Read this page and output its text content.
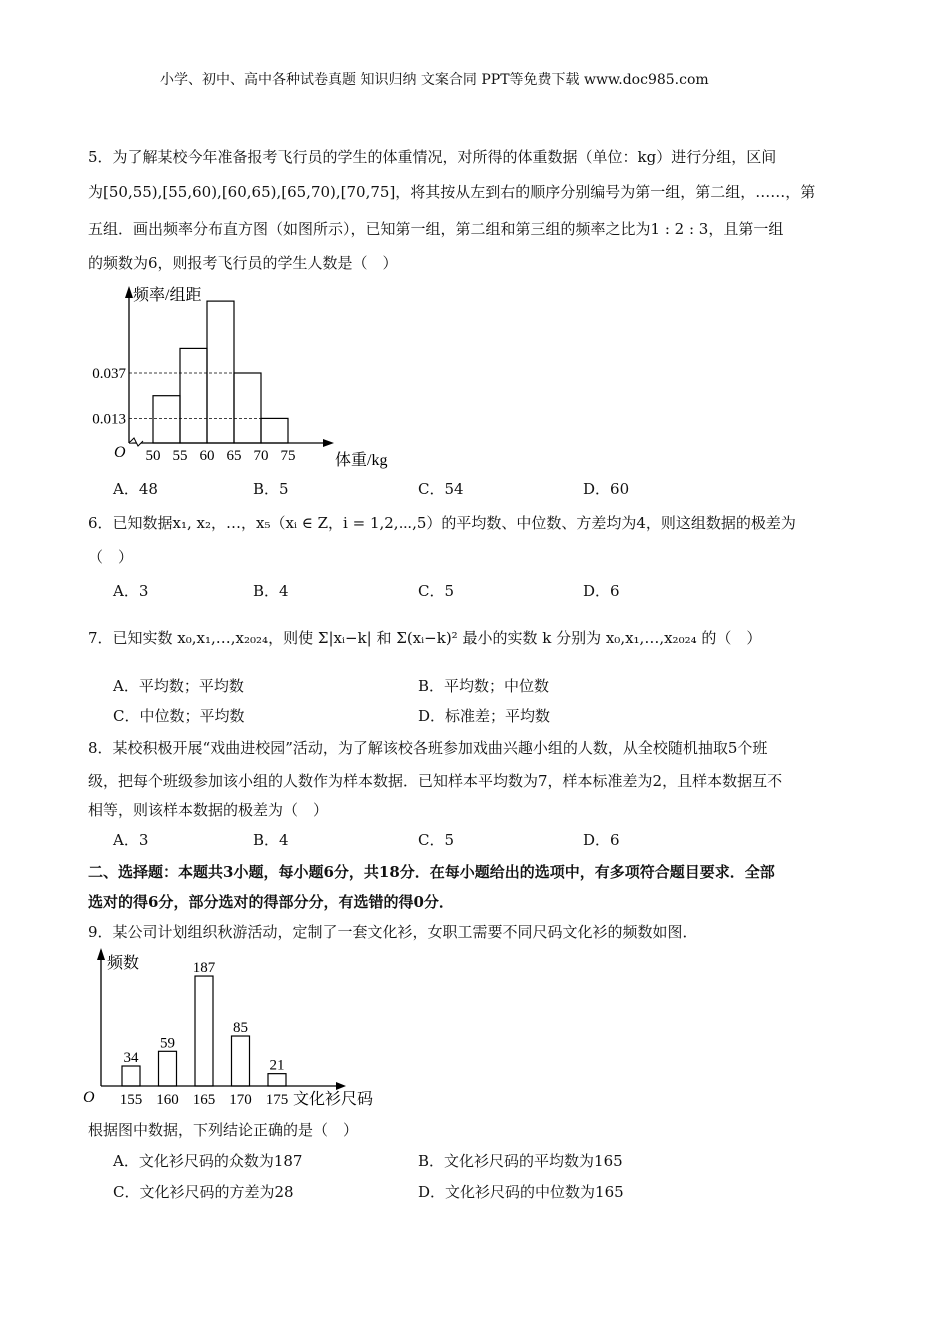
小学、初中、高中各种试卷真题 知识归纳 文案合同 PPT等免费下载 www.doc985.com
5．为了解某校今年准备报考飞行员的学生的体重情况，对所得的体重数据（单位：kg）进行分组，区间
为[50,55),[55,60),[60,65),[65,70),[70,75]，将其按从左到右的顺序分别编号为第一组，第二组，……，第
五组．画出频率分布直方图（如图所示），已知第一组，第二组和第三组的频率之比为1 : 2 : 3，且第一组
的频数为6，则报考飞行员的学生人数是（　）
频率/组距
体重/kg
O
0.037
0.013
50 55 60 65 70 75
A．48	B．5	C．54	D．60
6．已知数据x₁, x₂，…，x₅（xᵢ ∈ Z，i = 1,2,⋯,5）的平均数、中位数、方差均为4，则这组数据的极差为
（　）
A．3	B．4	C．5	D．6
7．已知实数 x₀,x₁,…,x₂₀₂₄，则使 Σ|xᵢ−k| 和 Σ(xᵢ−k)² 最小的实数 k 分别为 x₀,x₁,…,x₂₀₂₄ 的（　）
A．平均数；平均数	B．平均数；中位数
C．中位数；平均数	D．标准差；平均数
8．某校积极开展“戏曲进校园”活动，为了解该校各班参加戏曲兴趣小组的人数，从全校随机抽取5个班
级，把每个班级参加该小组的人数作为样本数据．已知样本平均数为7，样本标准差为2，且样本数据互不
相等，则该样本数据的极差为（　）
A．3	B．4	C．5	D．6
二、选择题：本题共3小题，每小题6分，共18分．在每小题给出的选项中，有多项符合题目要求．全部
选对的得6分，部分选对的得部分分，有选错的得0分．
9．某公司计划组织秋游活动，定制了一套文化衫，女职工需要不同尺码文化衫的频数如图．
频数
文化衫尺码
O
34
155
59
160
187
165
85
170
21
175
根据图中数据，下列结论正确的是（　）
A．文化衫尺码的众数为187	B．文化衫尺码的平均数为165
C．文化衫尺码的方差为28	D．文化衫尺码的中位数为165
